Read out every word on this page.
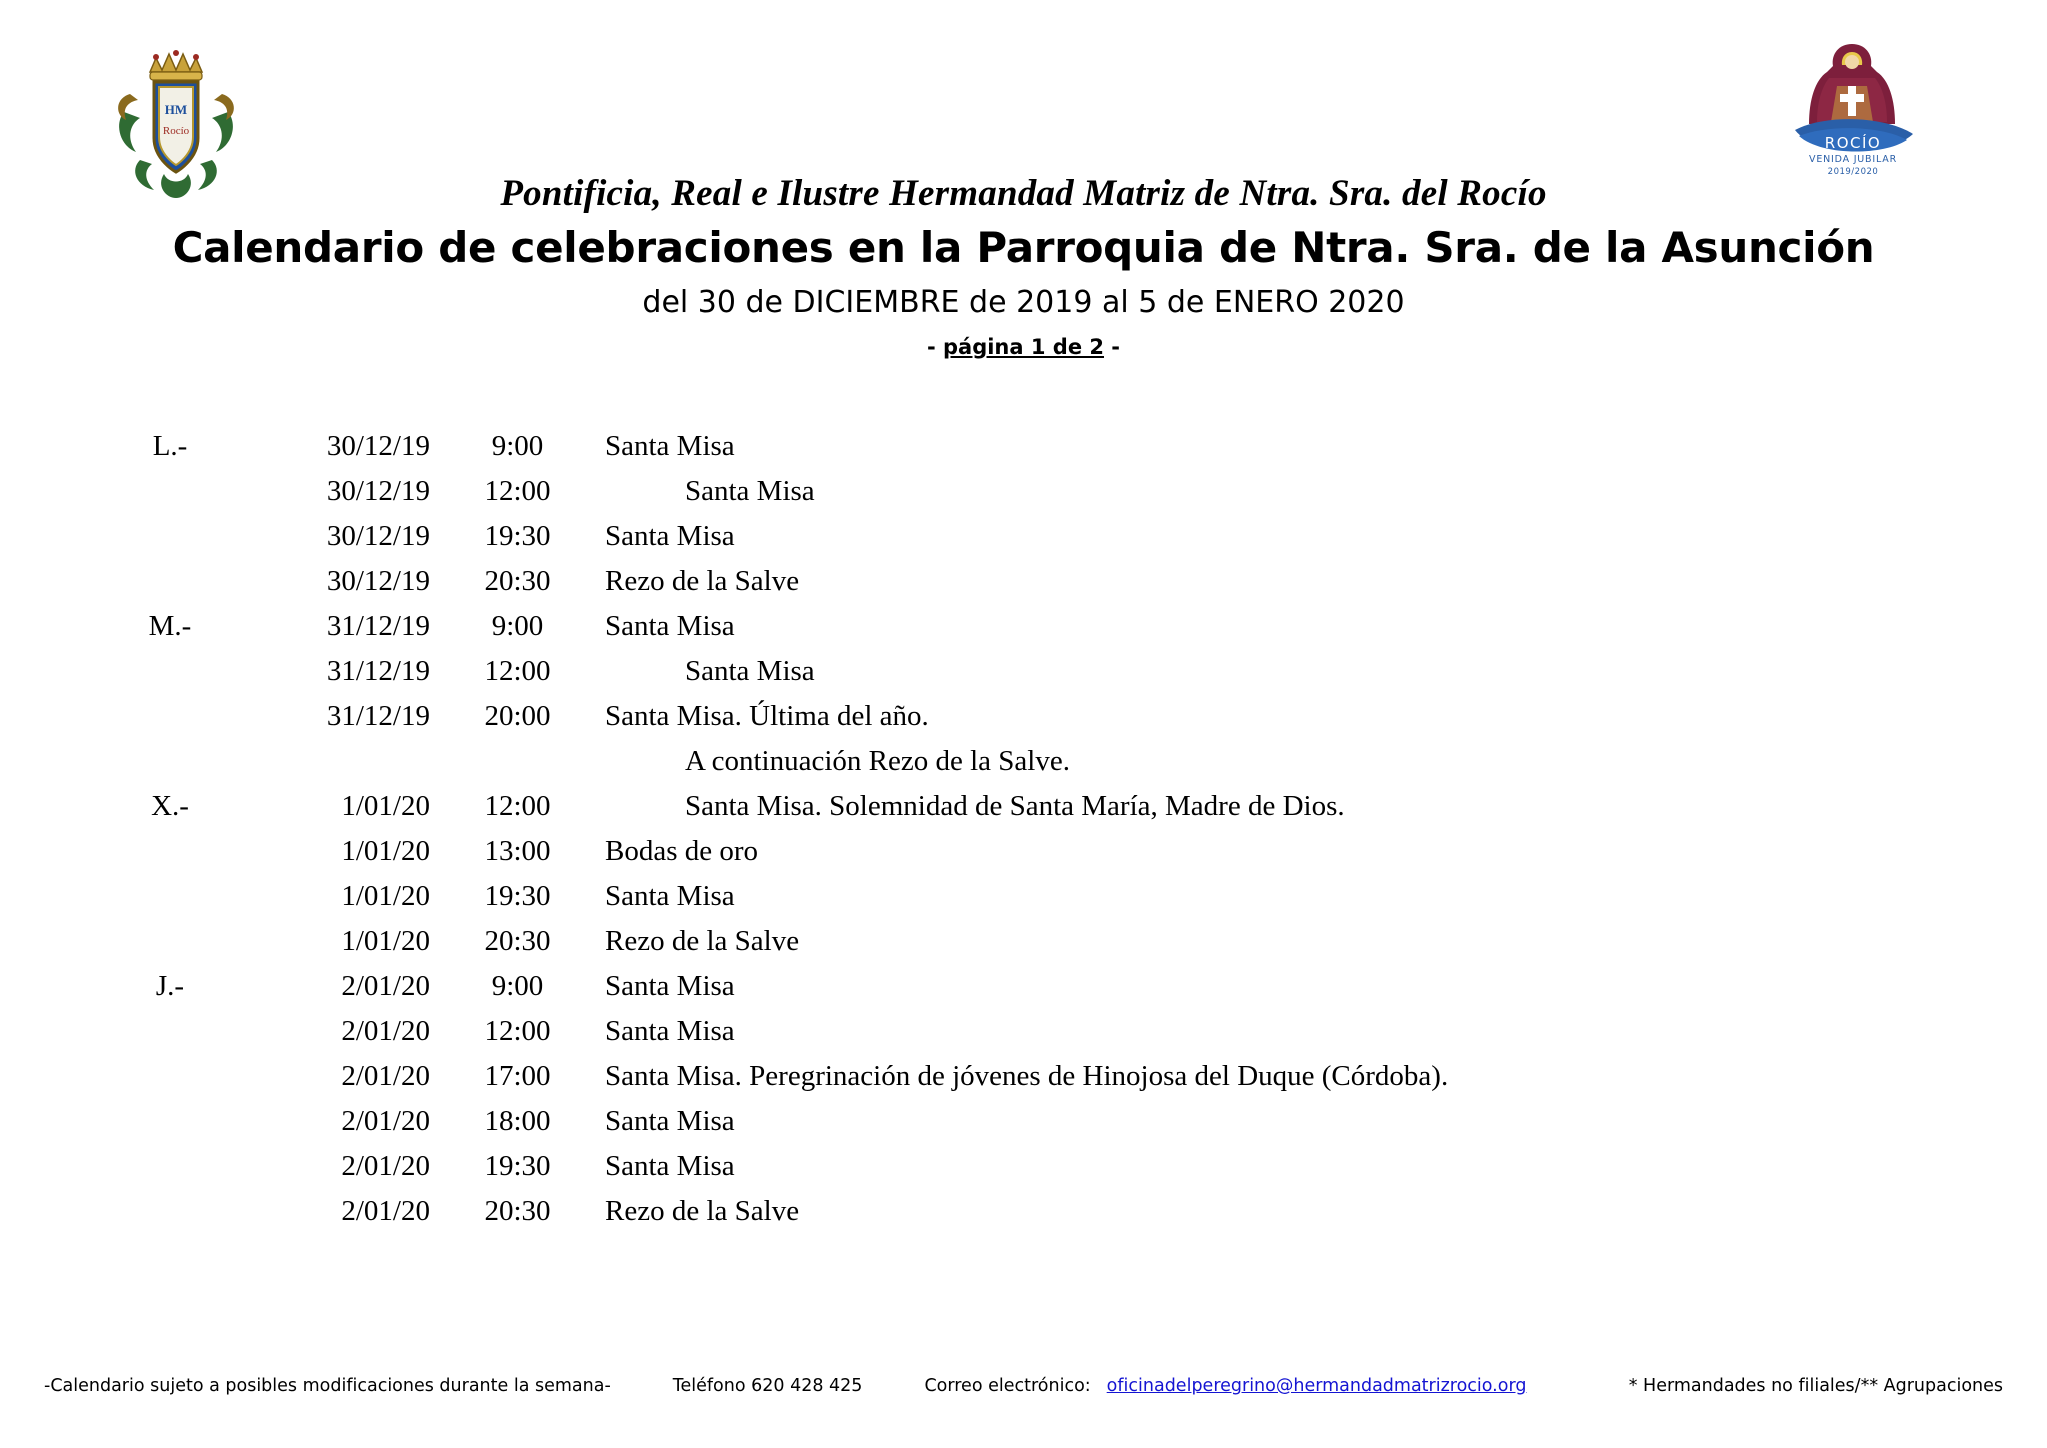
HM
Rocío
ROCÍO
VENIDA JUBILAR
2019/2020
Pontificia, Real e Ilustre Hermandad Matriz de Ntra. Sra. del Rocío
Calendario de celebraciones en la Parroquia de Ntra. Sra. de la Asunción
del 30 de DICIEMBRE de 2019 al 5 de ENERO 2020
- página 1 de 2 -
L.-	30/12/19	9:00	Santa Misa
	30/12/19	12:00	Santa Misa
	30/12/19	19:30	Santa Misa
	30/12/19	20:30	Rezo de la Salve
M.-	31/12/19	9:00	Santa Misa
	31/12/19	12:00	Santa Misa
	31/12/19	20:00	Santa Misa. Última del año.
			A continuación Rezo de la Salve.
X.-	1/01/20	12:00	Santa Misa. Solemnidad de Santa María, Madre de Dios.
	1/01/20	13:00	Bodas de oro
	1/01/20	19:30	Santa Misa
	1/01/20	20:30	Rezo de la Salve
J.-	2/01/20	9:00	Santa Misa
	2/01/20	12:00	Santa Misa
	2/01/20	17:00	Santa Misa. Peregrinación de jóvenes de Hinojosa del Duque (Córdoba).
	2/01/20	18:00	Santa Misa
	2/01/20	19:30	Santa Misa
	2/01/20	20:30	Rezo de la Salve
-Calendario sujeto a posibles modificaciones durante la semana-	Teléfono 620 428 425	Correo electrónico: oficinadelperegrino@hermandadmatrizrocio.org	* Hermandades no filiales/** Agrupaciones
